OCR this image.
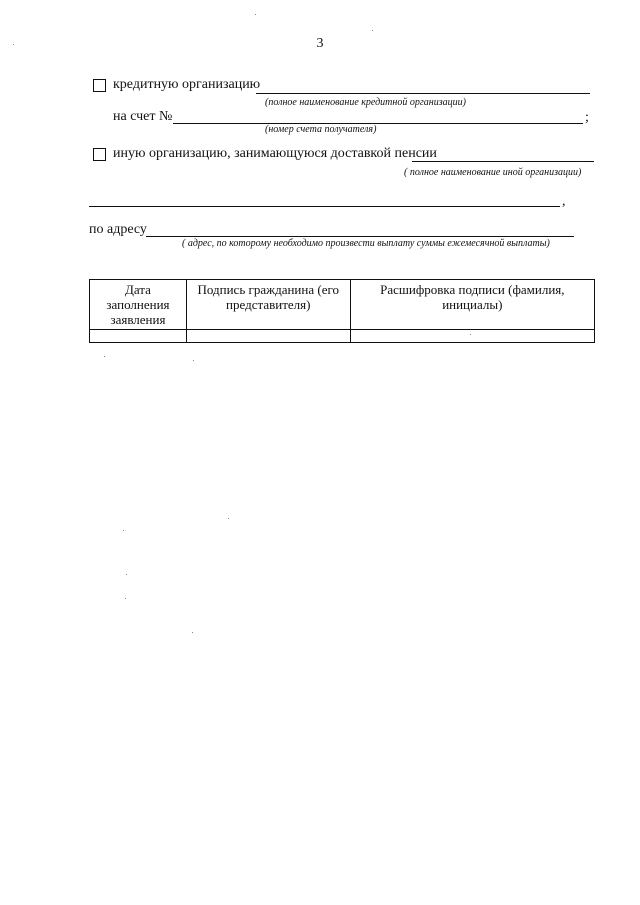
3
кредитную организацию
(полное наименование кредитной организации)
на счет №	;
(номер счета получателя)
иную организацию, занимающуюся доставкой пенсии
( полное наименование иной организации)
,
по адресу
( адрес, по которому необходимо произвести выплату суммы ежемесячной выплаты)
Дата заполнения заявления	Подпись гражданина (его представителя)	Расшифровка подписи (фамилия, инициалы)
